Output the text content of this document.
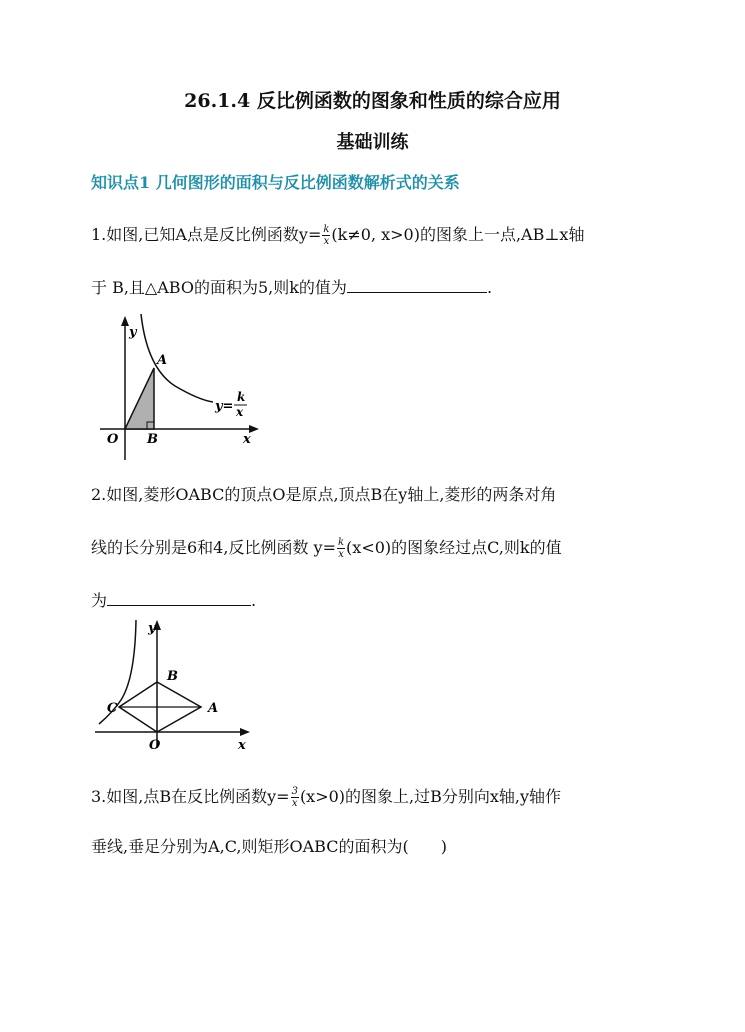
26.1.4 反比例函数的图象和性质的综合应用
基础训练
知识点1 几何图形的面积与反比例函数解析式的关系
1.如图,已知A点是反比例函数$y= \frac{k}{x} (k\ne 0$, x>0)的图象上一点,AB⊥x轴
于 B,且△ABO的面积为5,则k的值为	.
y
A
y=
k
x
O B	x
2.如图,菱形OABC的顶点O是原点,顶点B在y轴上,菱形的两条对角
线的长分别是6和4,反比例函数 $y= \frac{k}{x} (x<0)$的图象经过点C,则k的值
为	.
y
B
C	A
O	x
3.如图,点B在反比例函数$y= \frac{3}{x} (x>0)$的图象上,过B分别向x轴,y轴作
垂线,垂足分别为A,C,则矩形OABC的面积为(　　)
